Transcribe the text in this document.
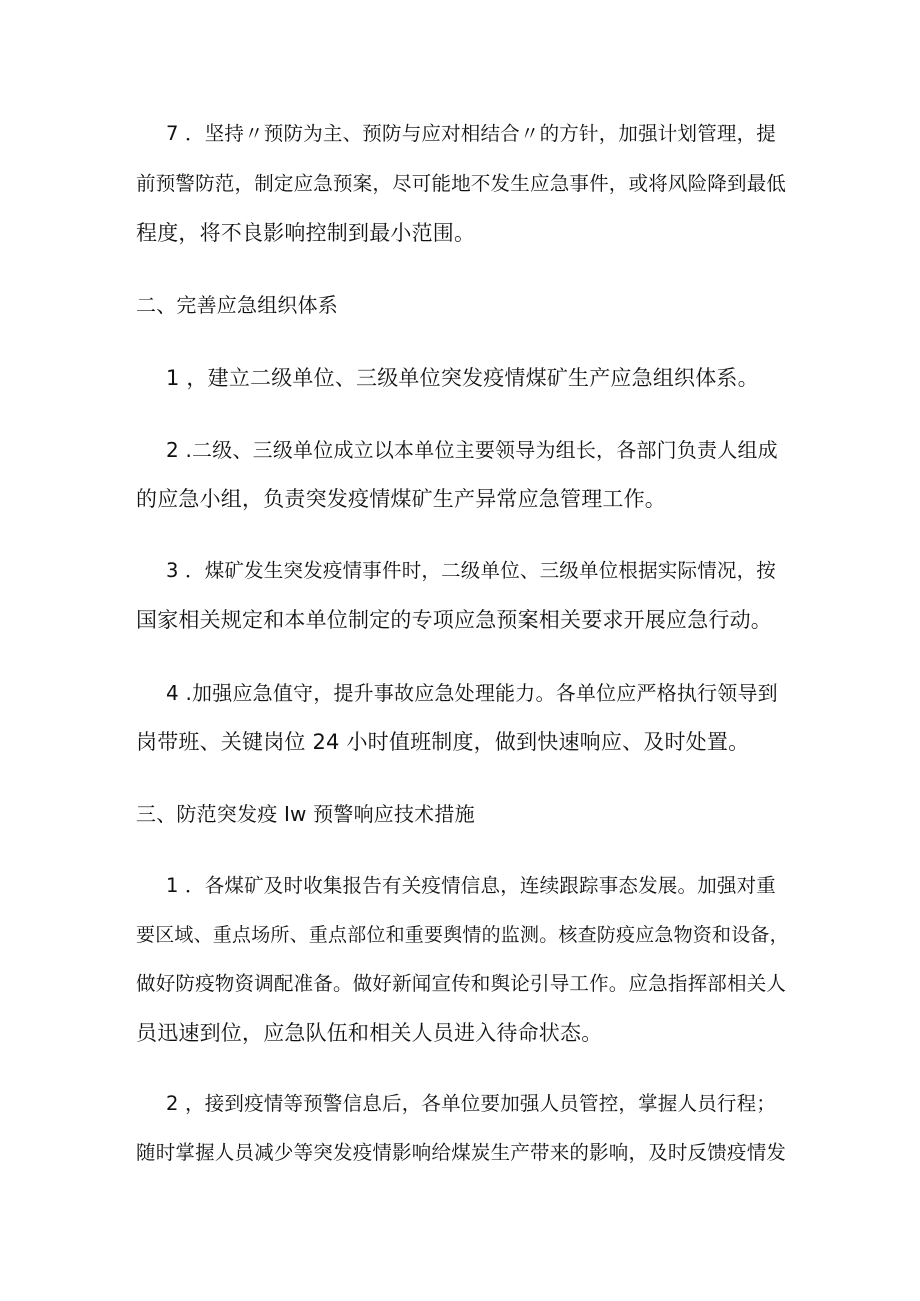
7 ．坚持〃预防为主、预防与应对相结合〃的方针，加强计划管理，提
前预警防范，制定应急预案，尽可能地不发生应急事件，或将风险降到最低
程度，将不良影响控制到最小范围。
二、完善应急组织体系
1 ，建立二级单位、三级单位突发疫情煤矿生产应急组织体系。
2 .二级、三级单位成立以本单位主要领导为组长，各部门负责人组成
的应急小组，负责突发疫情煤矿生产异常应急管理工作。
3 ．煤矿发生突发疫情事件时，二级单位、三级单位根据实际情况，按
国家相关规定和本单位制定的专项应急预案相关要求开展应急行动。
4 .加强应急值守，提升事故应急处理能力。各单位应严格执行领导到
岗带班、关键岗位 24 小时值班制度，做到快速响应、及时处置。
三、防范突发疫 Iw 预警响应技术措施
1 ．各煤矿及时收集报告有关疫情信息，连续跟踪事态发展。加强对重
要区域、重点场所、重点部位和重要舆情的监测。核查防疫应急物资和设备，
做好防疫物资调配准备。做好新闻宣传和舆论引导工作。应急指挥部相关人
员迅速到位，应急队伍和相关人员进入待命状态。
2 ，接到疫情等预警信息后，各单位要加强人员管控，掌握人员行程；
随时掌握人员减少等突发疫情影响给煤炭生产带来的影响，及时反馈疫情发
